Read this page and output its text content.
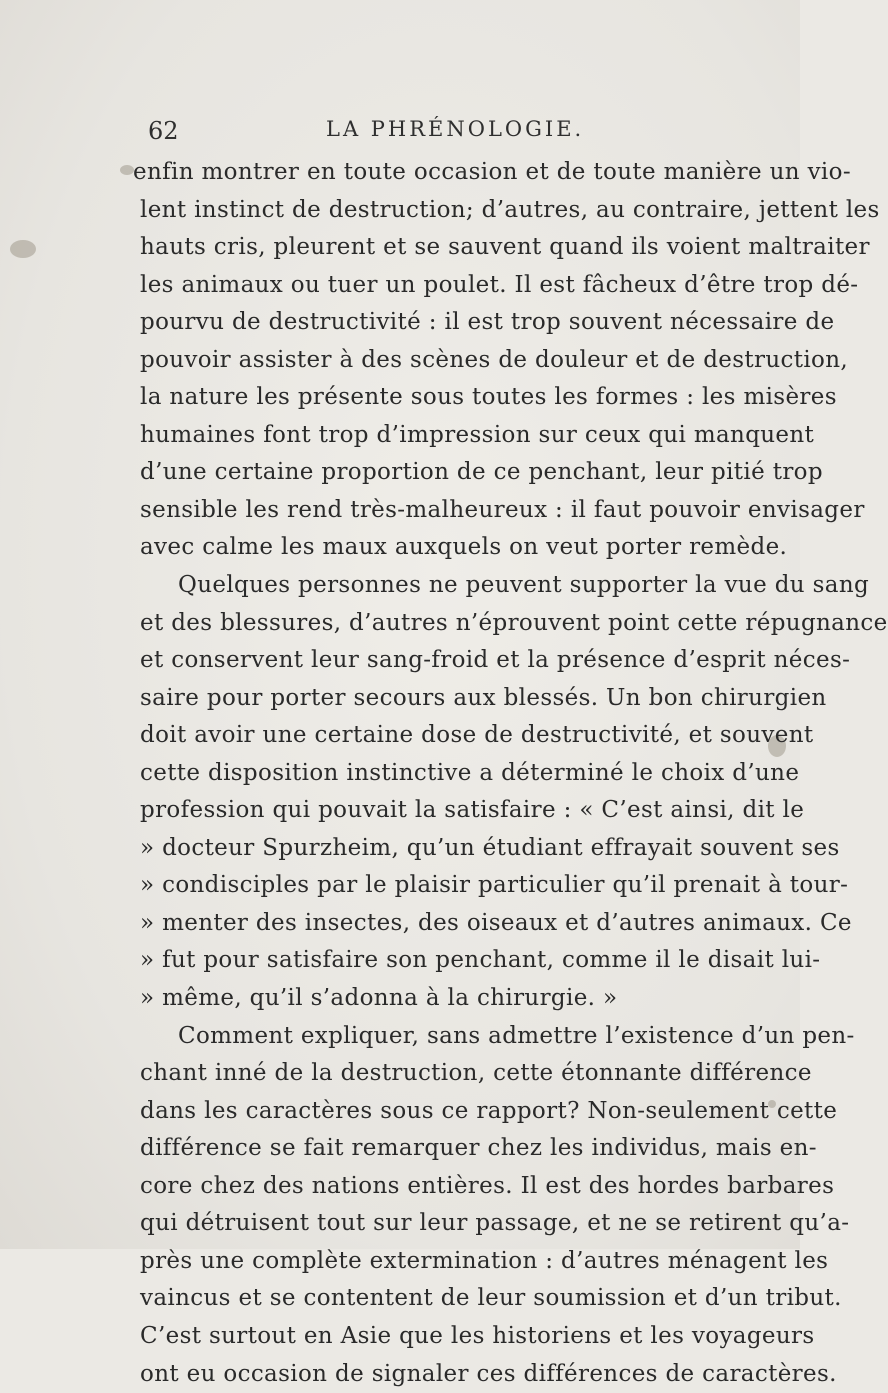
62	LA PHRÉNOLOGIE.
enfin montrer en toute occasion et de toute manière un vio-
lent instinct de destruction; d’autres, au contraire, jettent les
hauts cris, pleurent et se sauvent quand ils voient maltraiter
les animaux ou tuer un poulet. Il est fâcheux d’être trop dé-
pourvu de destructivité : il est trop souvent nécessaire de
pouvoir assister à des scènes de douleur et de destruction,
la nature les présente sous toutes les formes : les misères
humaines font trop d’impression sur ceux qui manquent
d’une certaine proportion de ce penchant, leur pitié trop
sensible les rend très-malheureux : il faut pouvoir envisager
avec calme les maux auxquels on veut porter remède.
Quelques personnes ne peuvent supporter la vue du sang
et des blessures, d’autres n’éprouvent point cette répugnance
et conservent leur sang-froid et la présence d’esprit néces-
saire pour porter secours aux blessés. Un bon chirurgien
doit avoir une certaine dose de destructivité, et souvent
cette disposition instinctive a déterminé le choix d’une
profession qui pouvait la satisfaire : « C’est ainsi, dit le
» docteur Spurzheim, qu’un étudiant effrayait souvent ses
» condisciples par le plaisir particulier qu’il prenait à tour-
» menter des insectes, des oiseaux et d’autres animaux. Ce
» fut pour satisfaire son penchant, comme il le disait lui-
» même, qu’il s’adonna à la chirurgie. »
Comment expliquer, sans admettre l’existence d’un pen-
chant inné de la destruction, cette étonnante différence
dans les caractères sous ce rapport? Non-seulement cette
différence se fait remarquer chez les individus, mais en-
core chez des nations entières. Il est des hordes barbares
qui détruisent tout sur leur passage, et ne se retirent qu’a-
près une complète extermination : d’autres ménagent les
vaincus et se contentent de leur soumission et d’un tribut.
C’est surtout en Asie que les historiens et les voyageurs
ont eu occasion de signaler ces différences de caractères.
